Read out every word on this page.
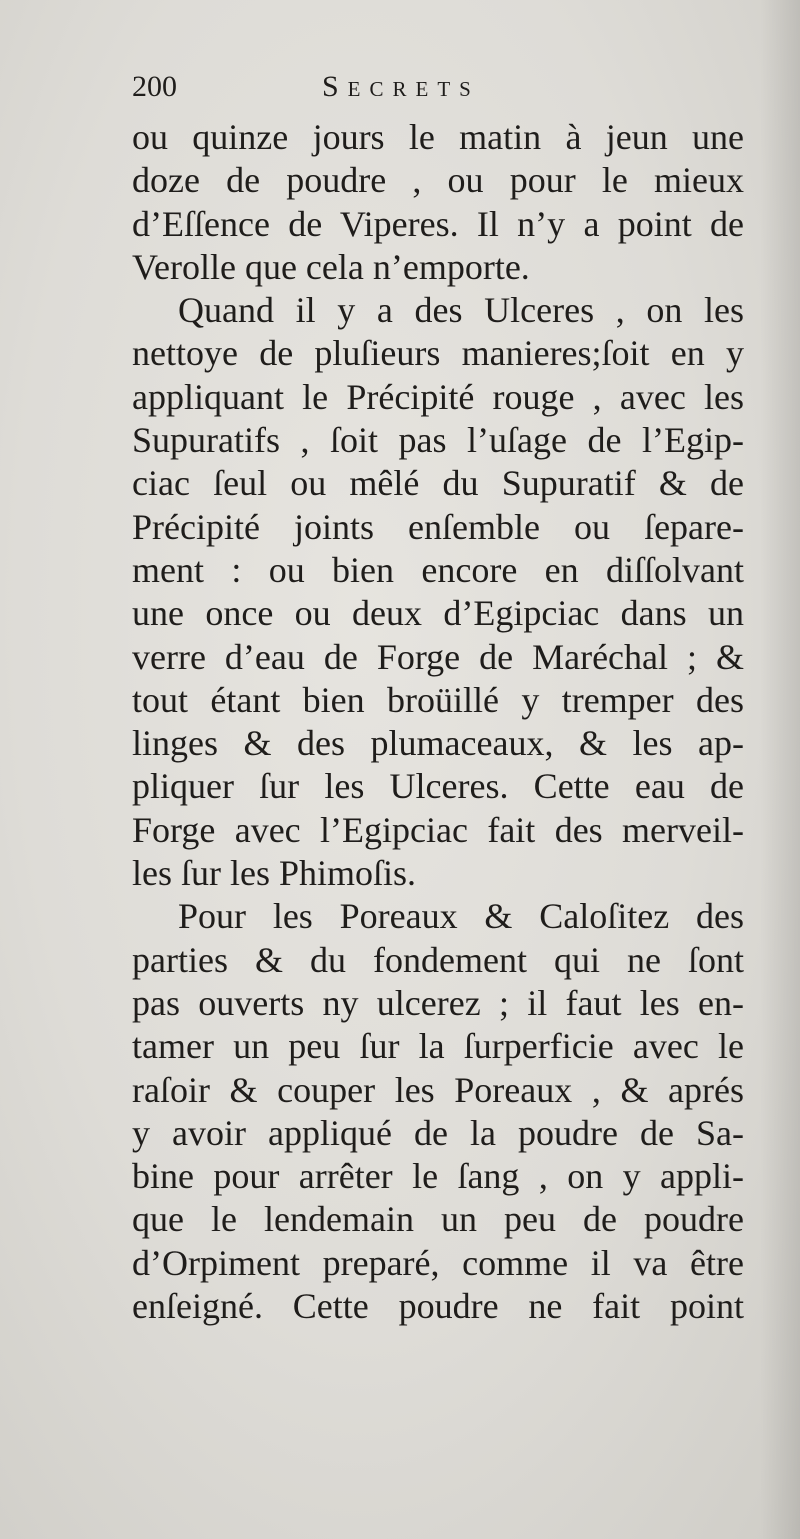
200	Secrets
ou quinze jours le matin à jeun une
doze de poudre , ou pour le mieux
d’Eſſence de Viperes. Il n’y a point de
Verolle que cela n’emporte.
Quand il y a des Ulceres , on les
nettoye de pluſieurs manieres;ſoit en y
appliquant le Précipité rouge , avec les
Supuratifs , ſoit pas l’uſage de l’Egip-
ciac ſeul ou mêlé du Supuratif & de
Précipité joints enſemble ou ſepare-
ment : ou bien encore en diſſolvant
une once ou deux d’Egipciac dans un
verre d’eau de Forge de Maréchal ; &
tout étant bien broüillé y tremper des
linges & des plumaceaux, & les ap-
pliquer ſur les Ulceres. Cette eau de
Forge avec l’Egipciac fait des merveil-
les ſur les Phimoſis.
Pour les Poreaux & Caloſitez des
parties & du fondement qui ne ſont
pas ouverts ny ulcerez ; il faut les en-
tamer un peu ſur la ſurperficie avec le
raſoir & couper les Poreaux , & aprés
y avoir appliqué de la poudre de Sa-
bine pour arrêter le ſang , on y appli-
que le lendemain un peu de poudre
d’Orpiment preparé, comme il va être
enſeigné. Cette poudre ne fait point
